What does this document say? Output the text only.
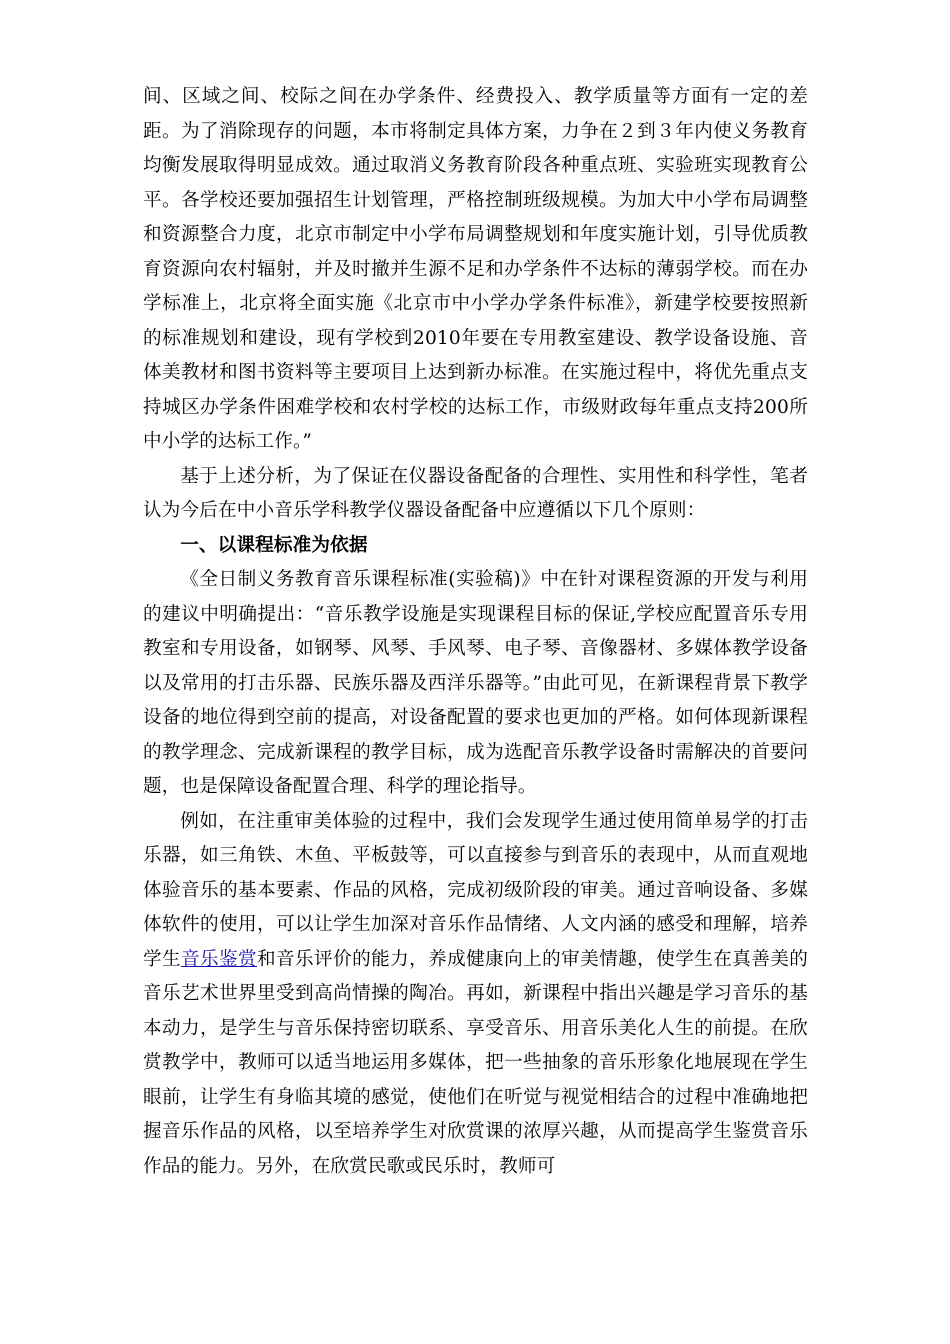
间、区域之间、校际之间在办学条件、经费投入、教学质量等方面有一定的差距。为了消除现存的问题，本市将制定具体方案，力争在２到３年内使义务教育均衡发展取得明显成效。通过取消义务教育阶段各种重点班、实验班实现教育公平。各学校还要加强招生计划管理，严格控制班级规模。为加大中小学布局调整和资源整合力度，北京市制定中小学布局调整规划和年度实施计划，引导优质教育资源向农村辐射，并及时撤并生源不足和办学条件不达标的薄弱学校。而在办学标准上，北京将全面实施《北京市中小学办学条件标准》，新建学校要按照新的标准规划和建设，现有学校到2010年要在专用教室建设、教学设备设施、音体美教材和图书资料等主要项目上达到新办标准。在实施过程中，将优先重点支持城区办学条件困难学校和农村学校的达标工作，市级财政每年重点支持200所中小学的达标工作。”

基于上述分析，为了保证在仪器设备配备的合理性、实用性和科学性，笔者认为今后在中小音乐学科教学仪器设备配备中应遵循以下几个原则：

一、以课程标准为依据

《全日制义务教育音乐课程标准(实验稿)》中在针对课程资源的开发与利用的建议中明确提出：“音乐教学设施是实现课程目标的保证,学校应配置音乐专用教室和专用设备，如钢琴、风琴、手风琴、电子琴、音像器材、多媒体教学设备以及常用的打击乐器、民族乐器及西洋乐器等。”由此可见，在新课程背景下教学设备的地位得到空前的提高，对设备配置的要求也更加的严格。如何体现新课程的教学理念、完成新课程的教学目标，成为选配音乐教学设备时需解决的首要问题，也是保障设备配置合理、科学的理论指导。

例如，在注重审美体验的过程中，我们会发现学生通过使用简单易学的打击乐器，如三角铁、木鱼、平板鼓等，可以直接参与到音乐的表现中，从而直观地体验音乐的基本要素、作品的风格，完成初级阶段的审美。通过音响设备、多媒体软件的使用，可以让学生加深对音乐作品情绪、人文内涵的感受和理解，培养学生音乐鉴赏和音乐评价的能力，养成健康向上的审美情趣，使学生在真善美的音乐艺术世界里受到高尚情操的陶冶。再如，新课程中指出兴趣是学习音乐的基本动力，是学生与音乐保持密切联系、享受音乐、用音乐美化人生的前提。在欣赏教学中，教师可以适当地运用多媒体，把一些抽象的音乐形象化地展现在学生眼前，让学生有身临其境的感觉，使他们在听觉与视觉相结合的过程中准确地把握音乐作品的风格，以至培养学生对欣赏课的浓厚兴趣，从而提高学生鉴赏音乐作品的能力。另外，在欣赏民歌或民乐时，教师可
